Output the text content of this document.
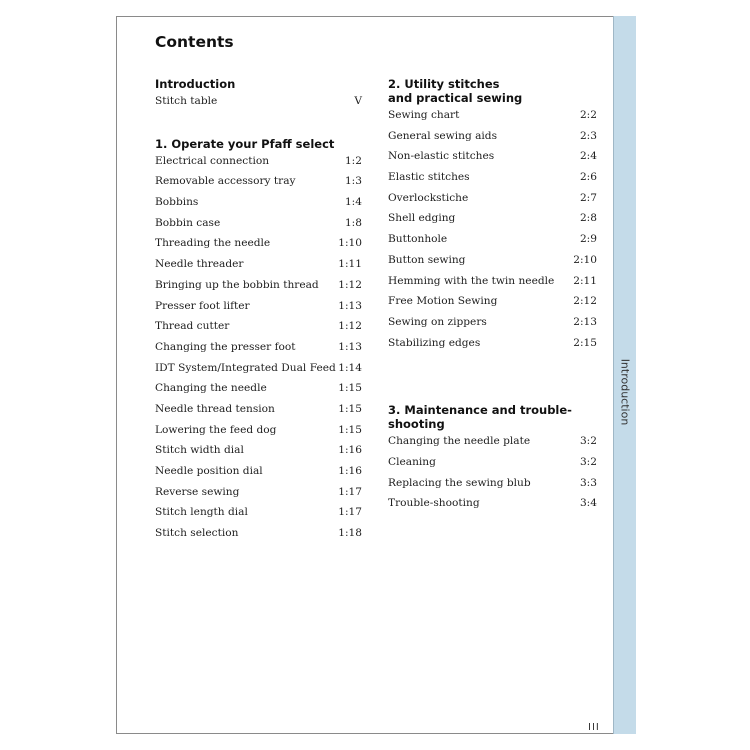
Introduction
Contents
Introduction
Stitch table	V
1. Operate your Pfaff select
Electrical connection	1:2
Removable accessory tray	1:3
Bobbins	1:4
Bobbin case	1:8
Threading the needle	1:10
Needle threader	1:11
Bringing up the bobbin thread 1:12
Presser foot lifter	1:13
Thread cutter	1:12
Changing the presser foot	1:13
IDT System/Integrated Dual Feed 1:14
Changing the needle	1:15
Needle thread tension	1:15
Lowering the feed dog	1:15
Stitch width dial	1:16
Needle position dial	1:16
Reverse sewing	1:17
Stitch length dial	1:17
Stitch selection	1:18
2. Utility stitches
and practical sewing
Sewing chart	2:2
General sewing aids	2:3
Non-elastic stitches	2:4
Elastic stitches	2:6
Overlockstiche	2:7
Shell edging	2:8
Buttonhole	2:9
Button sewing	2:10
Hemming with the twin needle 2:11
Free Motion Sewing	2:12
Sewing on zippers	2:13
Stabilizing edges	2:15
3. Maintenance and trouble-shooting
Changing the needle plate	3:2
Cleaning	3:2
Replacing the sewing blub	3:3
Trouble-shooting	3:4
III
